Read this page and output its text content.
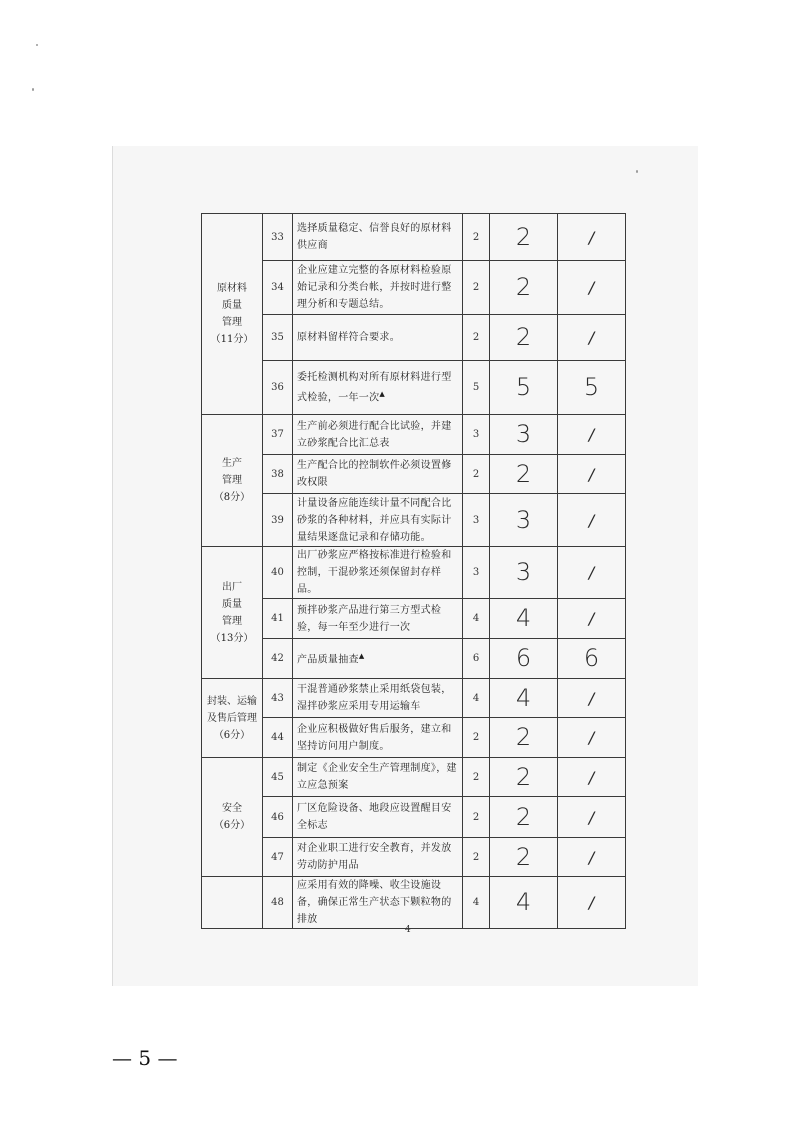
原材料
质量
管理
（11分）	33	选择质量稳定、信誉良好的原材料供应商	2	2	/
	34	企业应建立完整的各原材料检验原始记录和分类台帐，并按时进行整理分析和专题总结。	2	2	/
	35	原材料留样符合要求。	2	2	/
	36	委托检测机构对所有原材料进行型式检验，一年一次▲	5	5	5
生产
管理
（8分）	37	生产前必须进行配合比试验，并建立砂浆配合比汇总表	3	3	/
	38	生产配合比的控制软件必须设置修改权限	2	2	/
	39	计量设备应能连续计量不同配合比砂浆的各种材料，并应具有实际计量结果逐盘记录和存储功能。	3	3	/
出厂
质量
管理
（13分）	40	出厂砂浆应严格按标准进行检验和控制，干混砂浆还须保留封存样品。	3	3	/
	41	预拌砂浆产品进行第三方型式检验，每一年至少进行一次	4	4	/
	42	产品质量抽查▲	6	6	6
封装、运输
及售后管理
（6分）	43	干混普通砂浆禁止采用纸袋包装，湿拌砂浆应采用专用运输车	4	4	/
	44	企业应积极做好售后服务，建立和坚持访问用户制度。	2	2	/
安全
（6分）	45	制定《企业安全生产管理制度》，建立应急预案	2	2	/
	46	厂区危险设备、地段应设置醒目安全标志	2	2	/
	47	对企业职工进行安全教育，并发放劳动防护用品	2	2	/
	48	应采用有效的降噪、收尘设施设备，确保正常生产状态下颗粒物的排放	4	4	/
4
— 5 —
